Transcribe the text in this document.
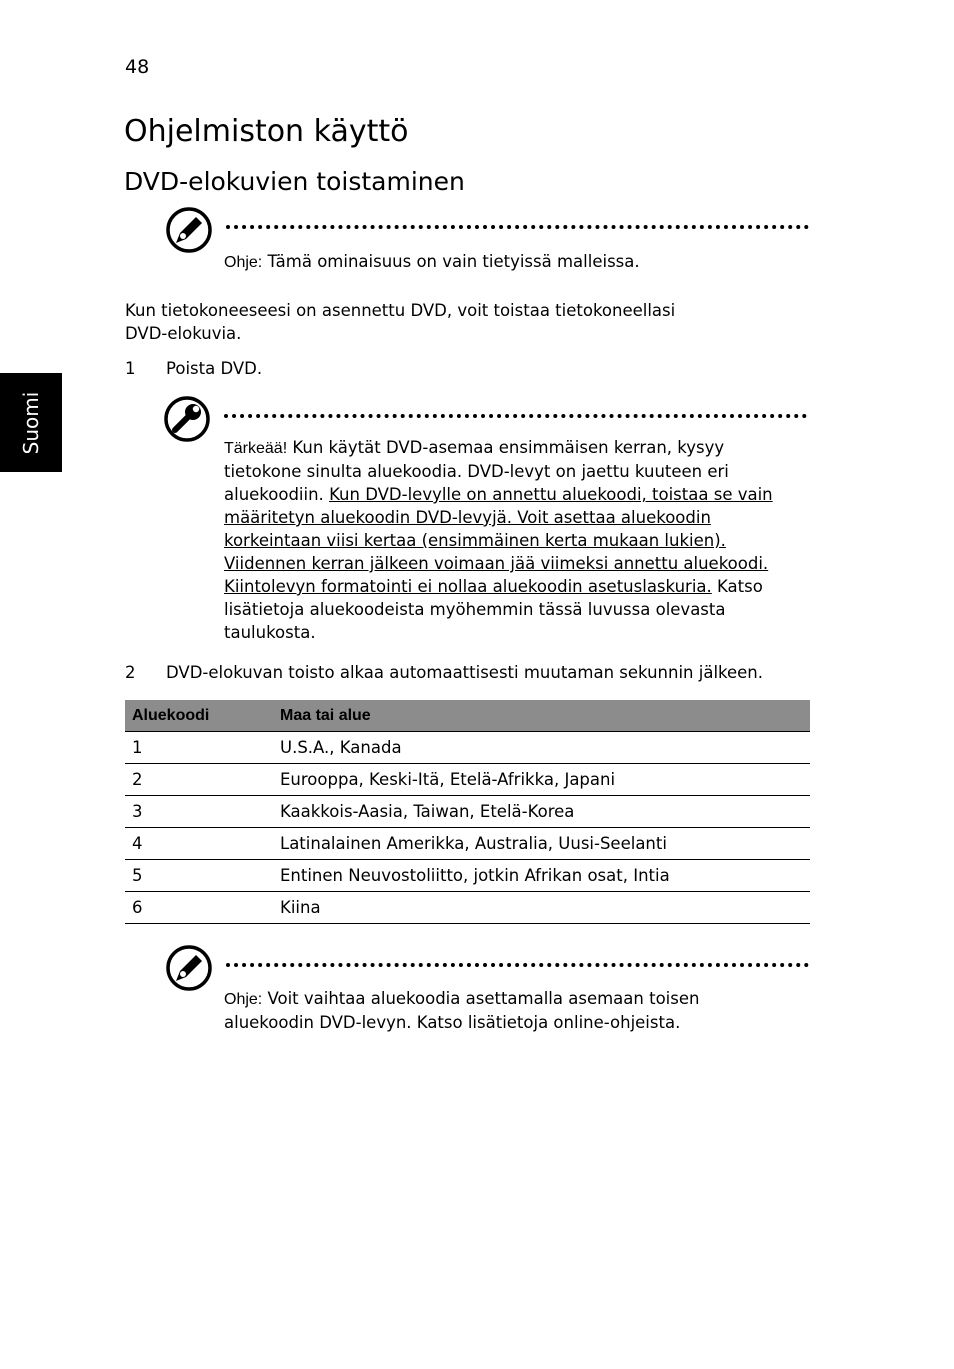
48
Suomi
Ohjelmiston käyttö
DVD-elokuvien toistaminen
Ohje: Tämä ominaisuus on vain tietyissä malleissa.
Kun tietokoneeseesi on asennettu DVD, voit toistaa tietokoneellasi
DVD-elokuvia.
1 Poista DVD.
Tärkeää! Kun käytät DVD-asemaa ensimmäisen kerran, kysyy tietokone sinulta aluekoodia. DVD-levyt on jaettu kuuteen eri aluekoodiin. Kun DVD-levylle on annettu aluekoodi, toistaa se vain määritetyn aluekoodin DVD-levyjä. Voit asettaa aluekoodin korkeintaan viisi kertaa (ensimmäinen kerta mukaan lukien). Viidennen kerran jälkeen voimaan jää viimeksi annettu aluekoodi. Kiintolevyn formatointi ei nollaa aluekoodin asetuslaskuria. Katso lisätietoja aluekoodeista myöhemmin tässä luvussa olevasta taulukosta.
2 DVD-elokuvan toisto alkaa automaattisesti muutaman sekunnin jälkeen.
Aluekoodi	Maa tai alue
1	U.S.A., Kanada
2	Eurooppa, Keski-Itä, Etelä-Afrikka, Japani
3	Kaakkois-Aasia, Taiwan, Etelä-Korea
4	Latinalainen Amerikka, Australia, Uusi-Seelanti
5	Entinen Neuvostoliitto, jotkin Afrikan osat, Intia
6	Kiina
Ohje: Voit vaihtaa aluekoodia asettamalla asemaan toisen
aluekoodin DVD-levyn. Katso lisätietoja online-ohjeista.
